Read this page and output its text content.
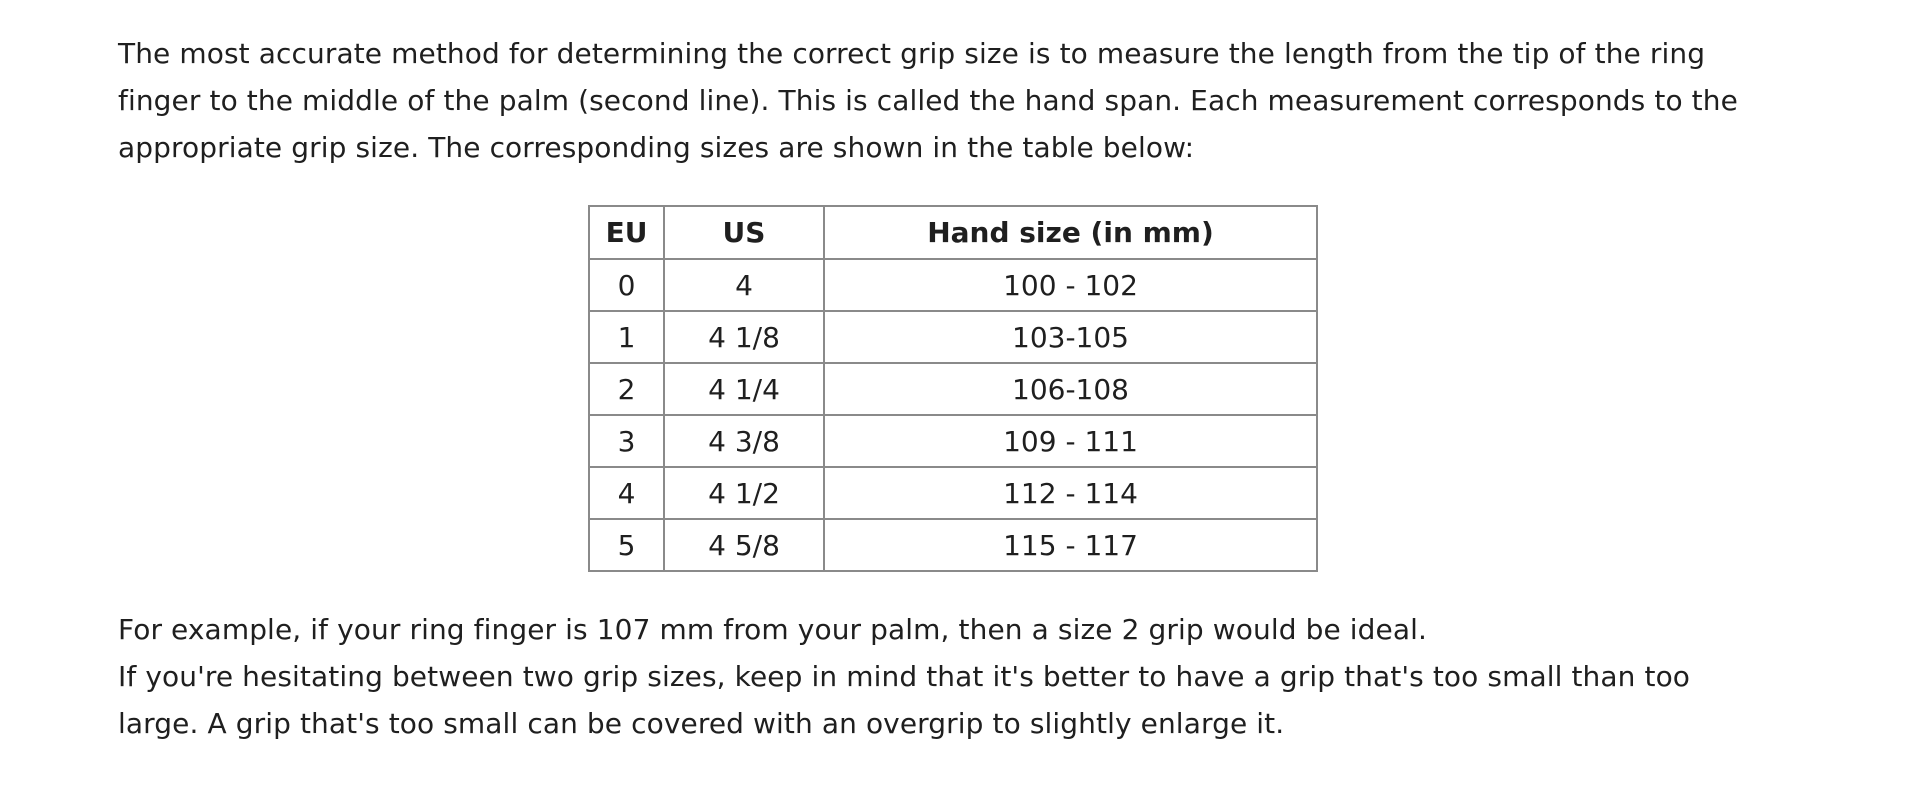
The most accurate method for determining the correct grip size is to measure the length from the tip of the ring

finger to the middle of the palm (second line). This is called the hand span. Each measurement corresponds to the

appropriate grip size. The corresponding sizes are shown in the table below:

EU	US	Hand size (in mm)
0	4	100 - 102
1	4 1/8	103-105
2	4 1/4	106-108
3	4 3/8	109 - 111
4	4 1/2	112 - 114
5	4 5/8	115 - 117

For example, if your ring finger is 107 mm from your palm, then a size 2 grip would be ideal.

If you're hesitating between two grip sizes, keep in mind that it's better to have a grip that's too small than too

large. A grip that's too small can be covered with an overgrip to slightly enlarge it.
